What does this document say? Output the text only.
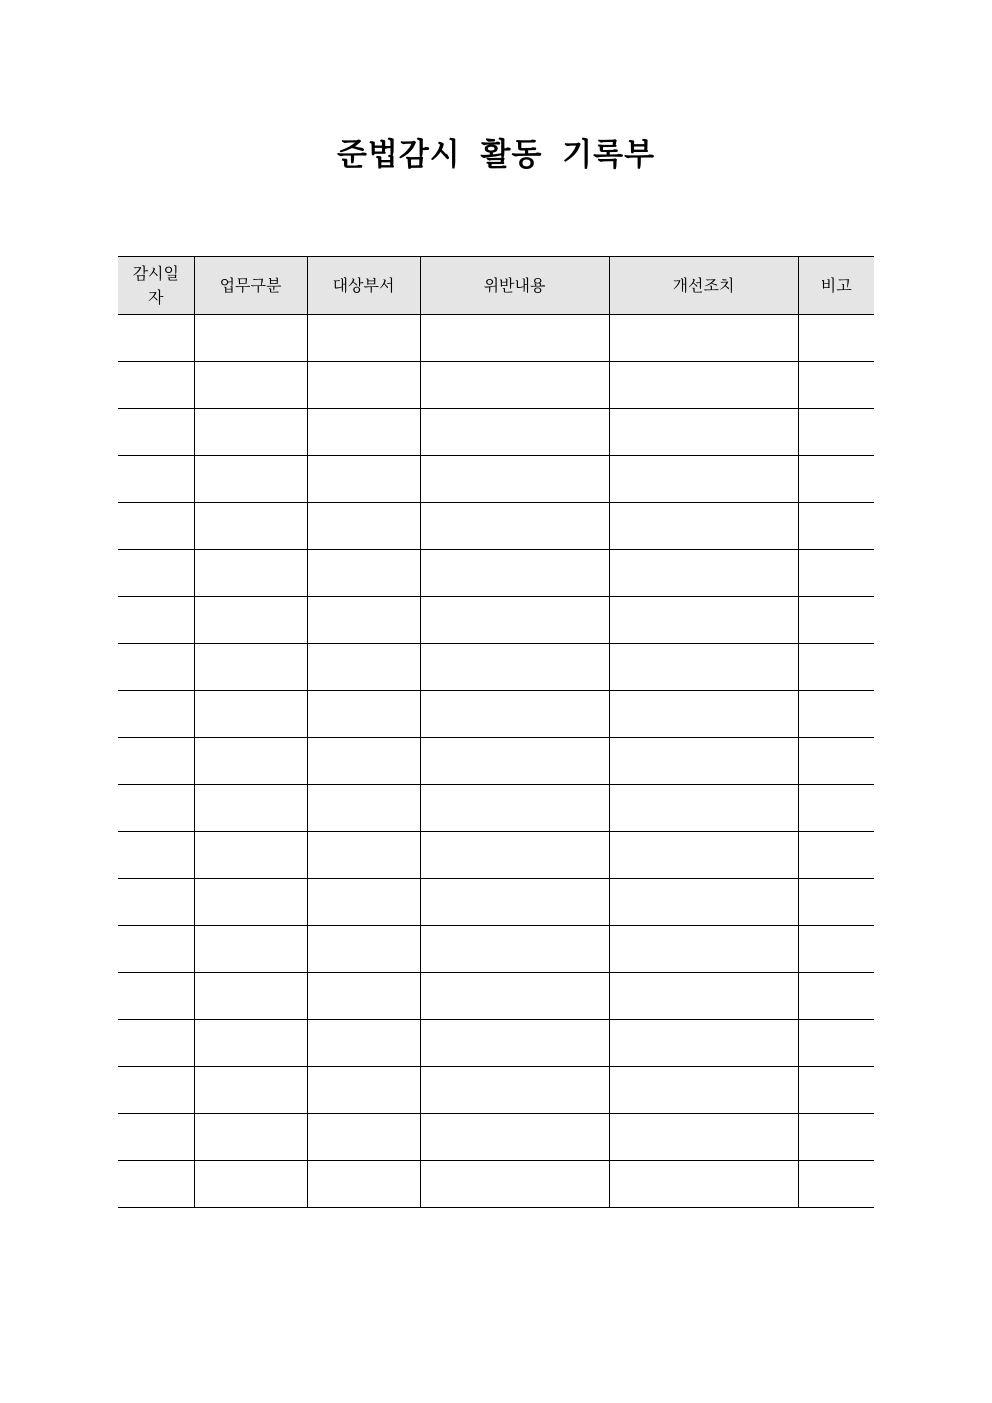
준법감시 활동 기록부
감시일자	업무구분	대상부서	위반내용	개선조치	비고
